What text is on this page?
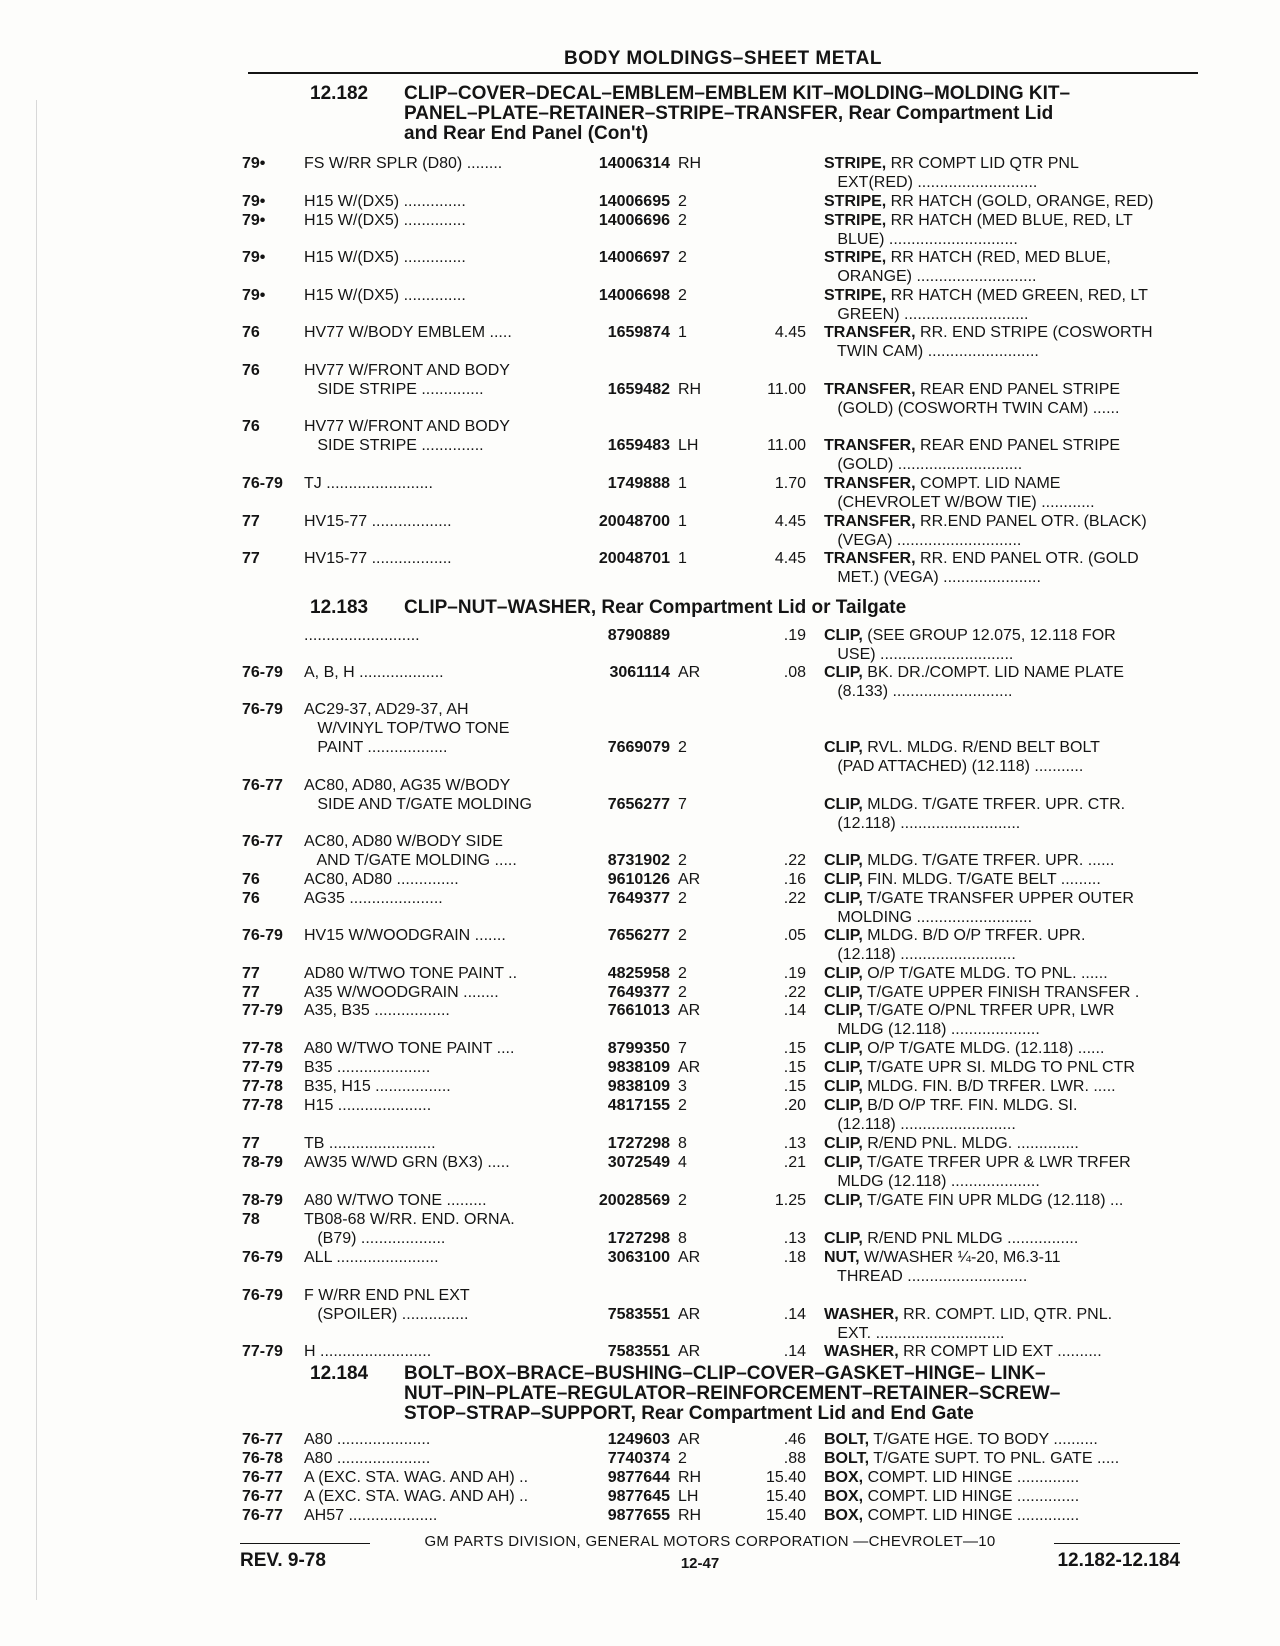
BODY MOLDINGS–SHEET METAL
12.182 CLIP–COVER–DECAL–EMBLEM–EMBLEM KIT–MOLDING–MOLDING KIT–
PANEL–PLATE–RETAINER–STRIPE–TRANSFER, Rear Compartment Lid
and Rear End Panel (Con't)
79• FS W/RR SPLR (D80) ........	14006314 RH	STRIPE, RR COMPT LID QTR PNL
EXT(RED) ...........................
79• H15 W/(DX5) ..............	14006695 2	STRIPE, RR HATCH (GOLD, ORANGE, RED)
79• H15 W/(DX5) ..............	14006696 2	STRIPE, RR HATCH (MED BLUE, RED, LT
BLUE) .............................
79• H15 W/(DX5) ..............	14006697 2	STRIPE, RR HATCH (RED, MED BLUE,
ORANGE) ...........................
79• H15 W/(DX5) ..............	14006698 2	STRIPE, RR HATCH (MED GREEN, RED, LT
GREEN) ............................
76	HV77 W/BODY EMBLEM .....	1659874 1	4.45 TRANSFER, RR. END STRIPE (COSWORTH
TWIN CAM) .........................
76	HV77 W/FRONT AND BODY
SIDE STRIPE ..............	1659482 RH	11.00 TRANSFER, REAR END PANEL STRIPE
(GOLD) (COSWORTH TWIN CAM) ......
76	HV77 W/FRONT AND BODY
SIDE STRIPE ..............	1659483 LH	11.00 TRANSFER, REAR END PANEL STRIPE
(GOLD) ............................
76-79 TJ ........................	1749888 1	1.70 TRANSFER, COMPT. LID NAME
(CHEVROLET W/BOW TIE) ............
77	HV15-77 ..................	20048700 1	4.45 TRANSFER, RR.END PANEL OTR. (BLACK)
(VEGA) ............................
77	HV15-77 ..................	20048701 1	4.45 TRANSFER, RR. END PANEL OTR. (GOLD
MET.) (VEGA) ......................
12.183 CLIP–NUT–WASHER, Rear Compartment Lid or Tailgate
..........................	8790889	.19 CLIP, (SEE GROUP 12.075, 12.118 FOR
USE) ..............................
76-79 A, B, H ...................	3061114 AR	.08 CLIP, BK. DR./COMPT. LID NAME PLATE
(8.133) ...........................
76-79 AC29-37, AD29-37, AH
W/VINYL TOP/TWO TONE
PAINT ..................	7669079 2	CLIP, RVL. MLDG. R/END BELT BOLT
(PAD ATTACHED) (12.118) ...........
76-77 AC80, AD80, AG35 W/BODY
SIDE AND T/GATE MOLDING	7656277 7	CLIP, MLDG. T/GATE TRFER. UPR. CTR.
(12.118) ...........................
76-77 AC80, AD80 W/BODY SIDE
AND T/GATE MOLDING .....	8731902 2	.22 CLIP, MLDG. T/GATE TRFER. UPR. ......
76	AC80, AD80 ..............	9610126 AR	.16 CLIP, FIN. MLDG. T/GATE BELT .........
76	AG35 .....................	7649377 2	.22 CLIP, T/GATE TRANSFER UPPER OUTER
MOLDING ..........................
76-79 HV15 W/WOODGRAIN .......	7656277 2	.05 CLIP, MLDG. B/D O/P TRFER. UPR.
(12.118) ..........................
77	AD80 W/TWO TONE PAINT ..	4825958 2	.19 CLIP, O/P T/GATE MLDG. TO PNL. ......
77	A35 W/WOODGRAIN ........	7649377 2	.22 CLIP, T/GATE UPPER FINISH TRANSFER .
77-79 A35, B35 .................	7661013 AR	.14 CLIP, T/GATE O/PNL TRFER UPR, LWR
MLDG (12.118) ....................
77-78 A80 W/TWO TONE PAINT ....	8799350 7	.15 CLIP, O/P T/GATE MLDG. (12.118) ......
77-79 B35 .....................	9838109 AR	.15 CLIP, T/GATE UPR SI. MLDG TO PNL CTR
77-78 B35, H15 .................	9838109 3	.15 CLIP, MLDG. FIN. B/D TRFER. LWR. .....
77-78 H15 .....................	4817155 2	.20 CLIP, B/D O/P TRF. FIN. MLDG. SI.
(12.118) ..........................
77	TB ........................	1727298 8	.13 CLIP, R/END PNL. MLDG. ..............
78-79 AW35 W/WD GRN (BX3) .....	3072549 4	.21 CLIP, T/GATE TRFER UPR & LWR TRFER
MLDG (12.118) ....................
78-79 A80 W/TWO TONE .........	20028569 2	1.25 CLIP, T/GATE FIN UPR MLDG (12.118) ...
78	TB08-68 W/RR. END. ORNA.
(B79) ...................	1727298 8	.13 CLIP, R/END PNL MLDG ................
76-79 ALL .......................	3063100 AR	.18 NUT, W/WASHER ¼-20, M6.3-11
THREAD ...........................
76-79 F W/RR END PNL EXT
(SPOILER) ...............	7583551 AR	.14 WASHER, RR. COMPT. LID, QTR. PNL.
EXT. .............................
77-79 H .........................	7583551 AR	.14 WASHER, RR COMPT LID EXT ..........
12.184 BOLT–BOX–BRACE–BUSHING–CLIP–COVER–GASKET–HINGE– LINK–
NUT–PIN–PLATE–REGULATOR–REINFORCEMENT–RETAINER–SCREW–
STOP–STRAP–SUPPORT, Rear Compartment Lid and End Gate
76-77 A80 .....................	1249603 AR	.46 BOLT, T/GATE HGE. TO BODY ..........
76-78 A80 .....................	7740374 2	.88 BOLT, T/GATE SUPT. TO PNL. GATE .....
76-77 A (EXC. STA. WAG. AND AH) ..	9877644 RH	15.40 BOX, COMPT. LID HINGE ..............
76-77 A (EXC. STA. WAG. AND AH) ..	9877645 LH	15.40 BOX, COMPT. LID HINGE ..............
76-77 AH57 ....................	9877655 RH	15.40 BOX, COMPT. LID HINGE ..............
GM PARTS DIVISION, GENERAL MOTORS CORPORATION —CHEVROLET—10
REV. 9-78	12-47	12.182-12.184
